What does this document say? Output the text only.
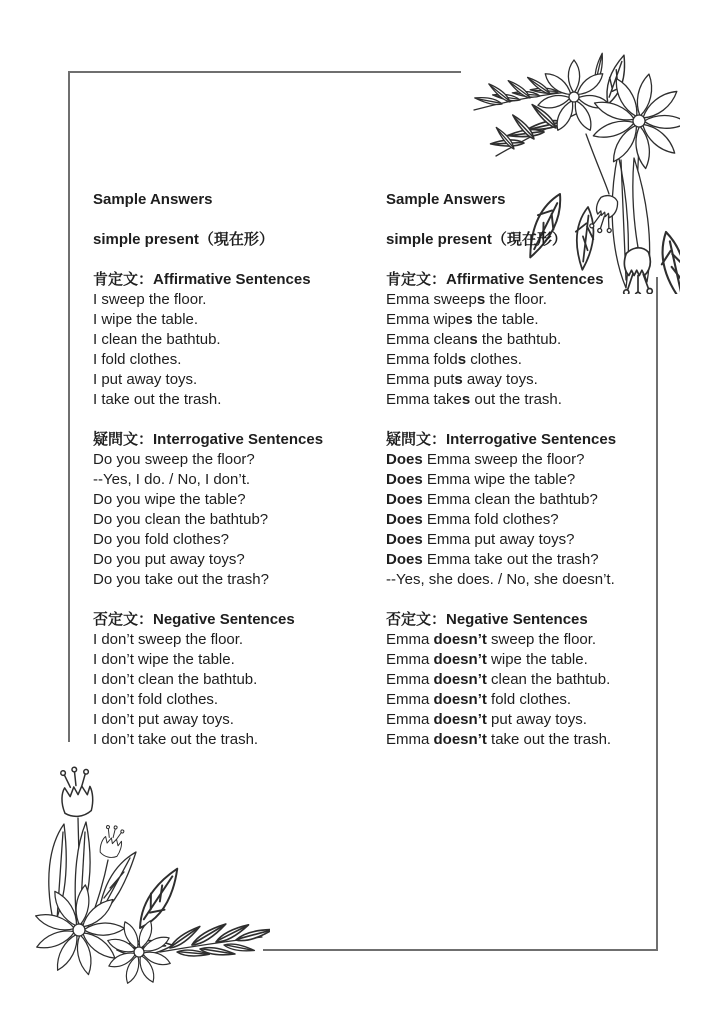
Sample Answers
simple present（現在形）
肯定文：Affirmative Sentences
I sweep the floor.
I wipe the table.
I clean the bathtub.
I fold clothes.
I put away toys.
I take out the trash.
疑問文：Interrogative Sentences
Do you sweep the floor?
--Yes, I do. / No, I don’t.
Do you wipe the table?
Do you clean the bathtub?
Do you fold clothes?
Do you put away toys?
Do you take out the trash?
否定文：Negative Sentences
I don’t sweep the floor.
I don’t wipe the table.
I don’t clean the bathtub.
I don’t fold clothes.
I don’t put away toys.
I don’t take out the trash.
Sample Answers
simple present（現在形）
肯定文：Affirmative Sentences
Emma sweeps the floor.
Emma wipes the table.
Emma cleans the bathtub.
Emma folds clothes.
Emma puts away toys.
Emma takes out the trash.
疑問文：Interrogative Sentences
Does Emma sweep the floor?
Does Emma wipe the table?
Does Emma clean the bathtub?
Does Emma fold clothes?
Does Emma put away toys?
Does Emma take out the trash?
--Yes, she does. / No, she doesn’t.
否定文：Negative Sentences
Emma doesn’t sweep the floor.
Emma doesn’t wipe the table.
Emma doesn’t clean the bathtub.
Emma doesn’t fold clothes.
Emma doesn’t put away toys.
Emma doesn’t take out the trash.
